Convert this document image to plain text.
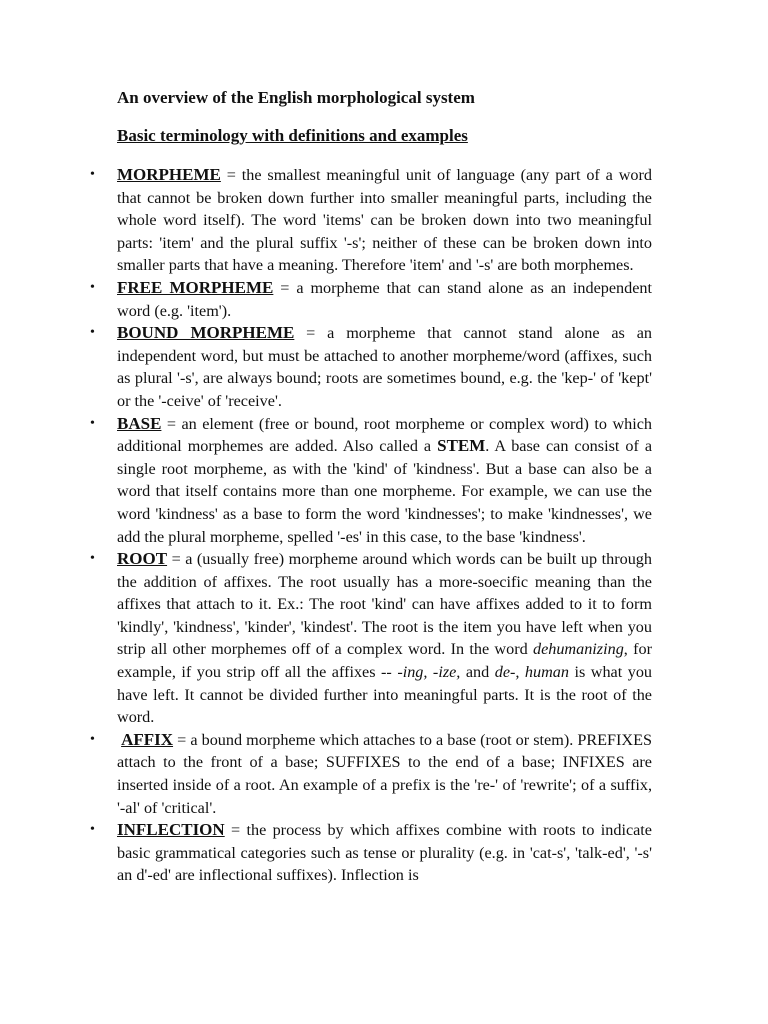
An overview of the English morphological system
Basic terminology with definitions and examples
• MORPHEME = the smallest meaningful unit of language (any part of a word that cannot be broken down further into smaller meaningful parts, including the whole word itself). The word 'items' can be broken down into two meaningful parts: 'item' and the plural suffix '-s'; neither of these can be broken down into smaller parts that have a meaning. Therefore 'item' and '-s' are both morphemes.
• FREE MORPHEME = a morpheme that can stand alone as an independent word (e.g. 'item').
• BOUND MORPHEME = a morpheme that cannot stand alone as an independent word, but must be attached to another morpheme/word (affixes, such as plural '-s', are always bound; roots are sometimes bound, e.g. the 'kep-' of 'kept' or the '-ceive' of 'receive'.
• BASE = an element (free or bound, root morpheme or complex word) to which additional morphemes are added. Also called a STEM. A base can consist of a single root morpheme, as with the 'kind' of 'kindness'. But a base can also be a word that itself contains more than one morpheme. For example, we can use the word 'kindness' as a base to form the word 'kindnesses'; to make 'kindnesses', we add the plural morpheme, spelled '-es' in this case, to the base 'kindness'.
• ROOT = a (usually free) morpheme around which words can be built up through the addition of affixes. The root usually has a more-soecific meaning than the affixes that attach to it. Ex.: The root 'kind' can have affixes added to it to form 'kindly', 'kindness', 'kinder', 'kindest'. The root is the item you have left when you strip all other morphemes off of a complex word. In the word dehumanizing, for example, if you strip off all the affixes -- -ing, -ize, and de-, human is what you have left. It cannot be divided further into meaningful parts. It is the root of the word.
• AFFIX = a bound morpheme which attaches to a base (root or stem). PREFIXES attach to the front of a base; SUFFIXES to the end of a base; INFIXES are inserted inside of a root. An example of a prefix is the 're-' of 'rewrite'; of a suffix, '-al' of 'critical'.
• INFLECTION = the process by which affixes combine with roots to indicate basic grammatical categories such as tense or plurality (e.g. in 'cat-s', 'talk-ed', '-s' an d'-ed' are inflectional suffixes). Inflection is
